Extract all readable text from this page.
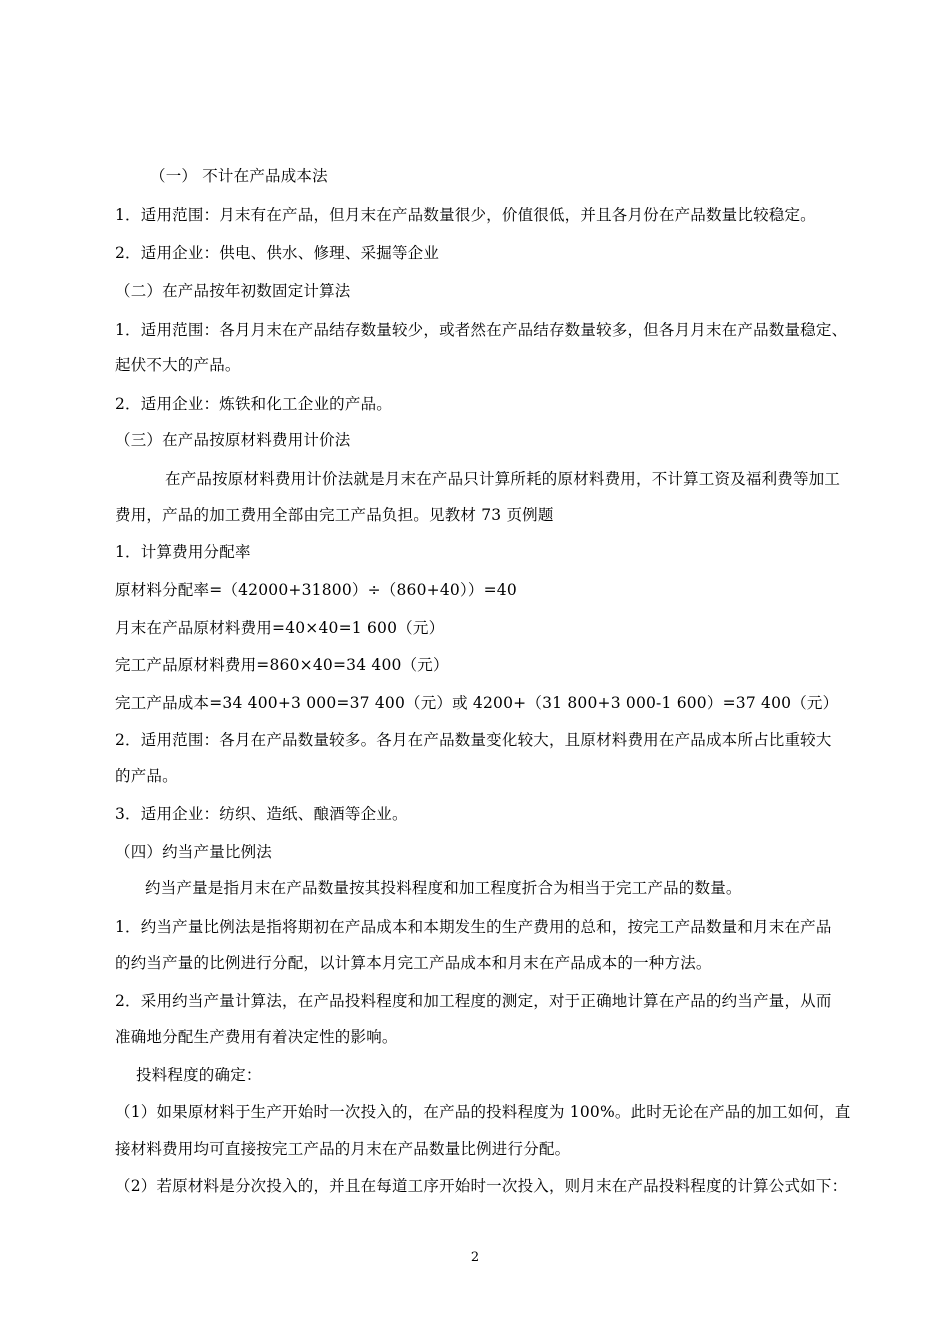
（一） 不计在产品成本法
1．适用范围：月末有在产品，但月末在产品数量很少，价值很低，并且各月份在产品数量比较稳定。
2．适用企业：供电、供水、修理、采掘等企业
（二）在产品按年初数固定计算法
1．适用范围：各月月末在产品结存数量较少，或者然在产品结存数量较多，但各月月末在产品数量稳定、
起伏不大的产品。
2．适用企业：炼铁和化工企业的产品。
（三）在产品按原材料费用计价法
在产品按原材料费用计价法就是月末在产品只计算所耗的原材料费用，不计算工资及福利费等加工
费用，产品的加工费用全部由完工产品负担。见教材 73 页例题
1．计算费用分配率
原材料分配率=（42000+31800）÷（860+40））=40
月末在产品原材料费用=40×40=1 600（元）
完工产品原材料费用=860×40=34 400（元）
完工产品成本=34 400+3 000=37 400（元）或 4200+（31 800+3 000-1 600）=37 400（元）
2．适用范围：各月在产品数量较多。各月在产品数量变化较大，且原材料费用在产品成本所占比重较大
的产品。
3．适用企业：纺织、造纸、酿酒等企业。
（四）约当产量比例法
约当产量是指月末在产品数量按其投料程度和加工程度折合为相当于完工产品的数量。
1．约当产量比例法是指将期初在产品成本和本期发生的生产费用的总和，按完工产品数量和月末在产品
的约当产量的比例进行分配，以计算本月完工产品成本和月末在产品成本的一种方法。
2．采用约当产量计算法，在产品投料程度和加工程度的测定，对于正确地计算在产品的约当产量，从而
准确地分配生产费用有着决定性的影响。
投料程度的确定：
（1）如果原材料于生产开始时一次投入的，在产品的投料程度为 100%。此时无论在产品的加工如何，直
接材料费用均可直接按完工产品的月末在产品数量比例进行分配。
（2）若原材料是分次投入的，并且在每道工序开始时一次投入，则月末在产品投料程度的计算公式如下：
2
